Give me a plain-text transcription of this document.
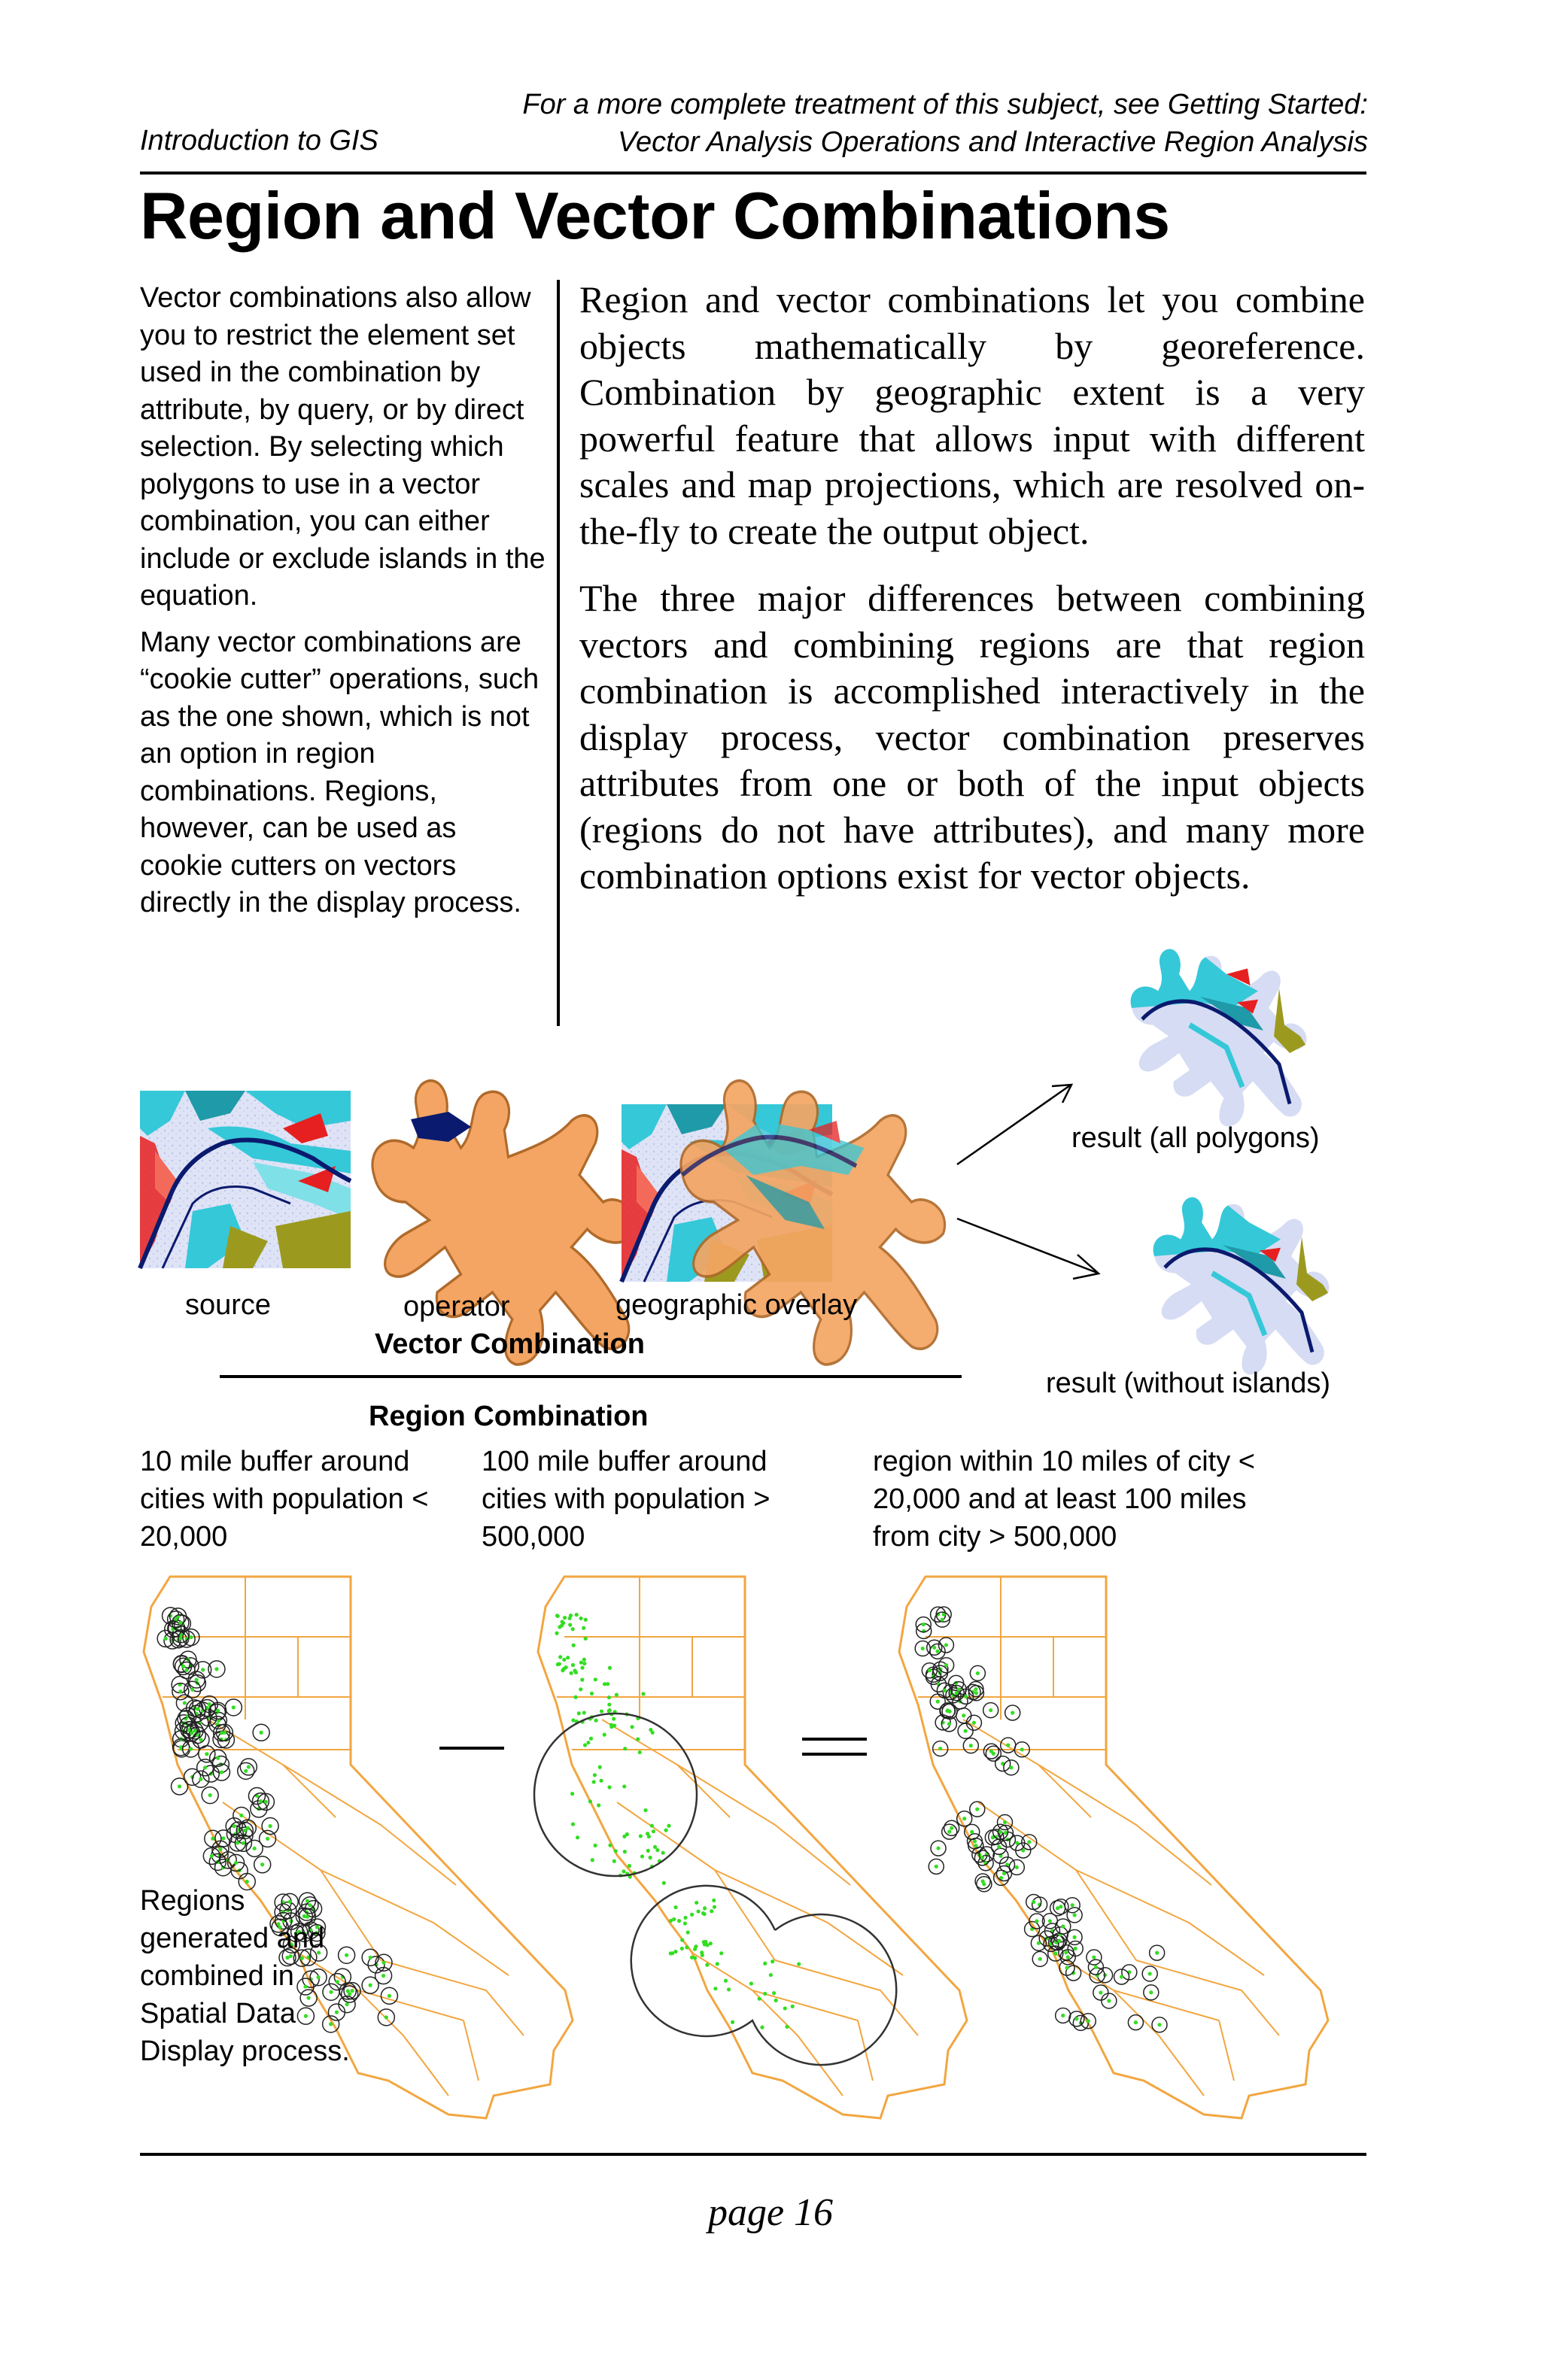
For a more complete treatment of this subject, see Getting Started:
Vector Analysis Operations and Interactive Region Analysis
Introduction to GIS
Region and Vector Combinations

Vector combinations also allow you to restrict the element set used in the combination by attribute, by query, or by direct selection. By selecting which polygons to use in a vector combination, you can either include or exclude islands in the equation.

Many vector combinations are “cookie cutter” operations, such as the one shown, which is not an option in region combinations. Regions, however, can be used as cookie cutters on vectors directly in the display process.

Region and vector combinations let you combine objects mathematically by georeference. Combination by geographic extent is a very powerful feature that allows input with different scales and map projections, which are resolved on-the-fly to create the output object.

The three major differences between combining vectors and combining regions are that region combination is accomplished interactively in the display process, vector combination preserves attributes from one or both of the input objects (regions do not have attributes), and many more combination options exist for vector objects.

source	operator	geographic overlay
Vector Combination
result (all polygons)
result (without islands)
Region Combination
10 mile buffer around cities with population < 20,000
100 mile buffer around cities with population > 500,000
region within 10 miles of city < 20,000 and at least 100 miles from city > 500,000
Regions generated and combined in Spatial Data Display process.
page 16
